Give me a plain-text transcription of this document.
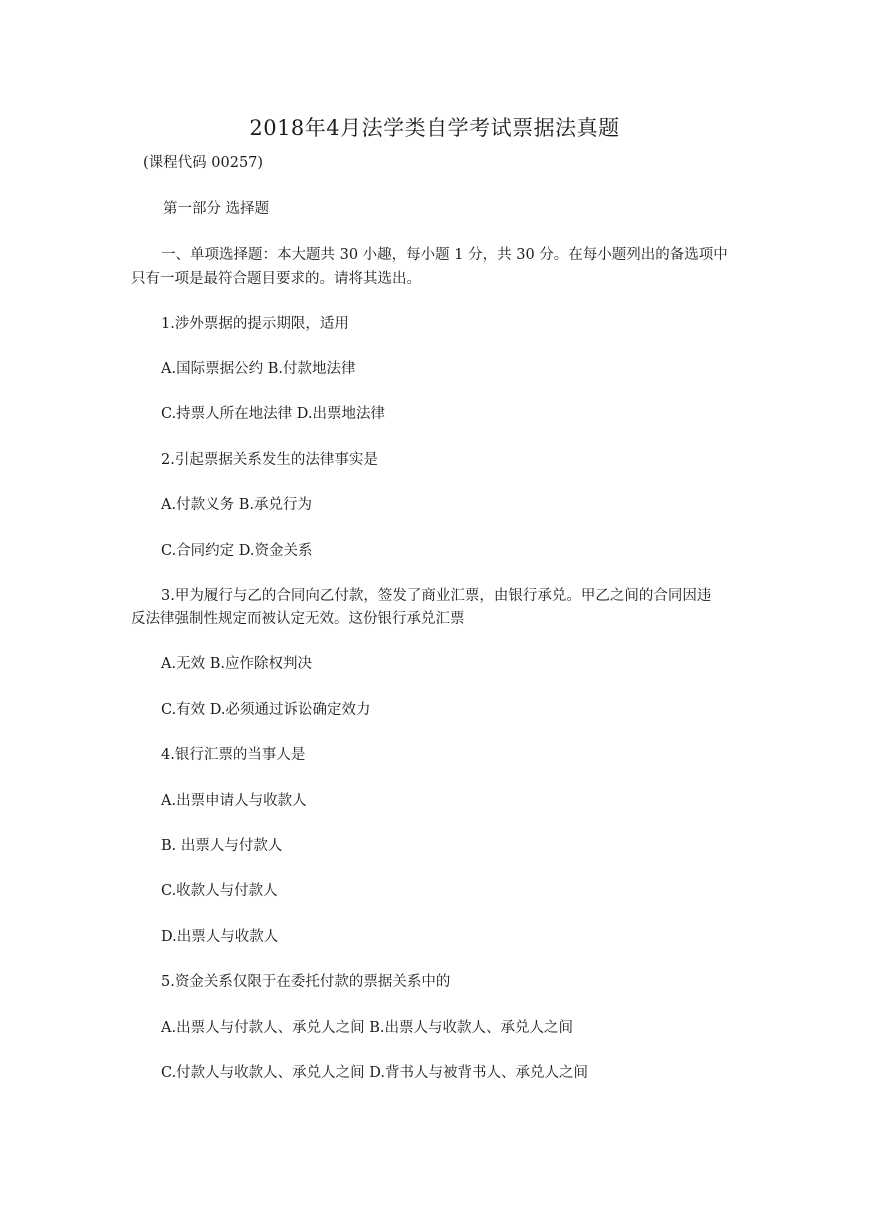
2018年4月法学类自学考试票据法真题
(课程代码 00257)
第一部分 选择题
一、单项选择题：本大题共 30 小趣，每小题 1 分，共 30 分。在每小题列出的备选项中
只有一项是最符合题目要求的。请将其选出。
1.涉外票据的提示期限，适用
A.国际票据公约 B.付款地法律
C.持票人所在地法律 D.出票地法律
2.引起票据关系发生的法律事实是
A.付款义务 B.承兑行为
C.合同约定 D.资金关系
3.甲为履行与乙的合同向乙付款，签发了商业汇票，由银行承兑。甲乙之间的合同因违
反法律强制性规定而被认定无效。这份银行承兑汇票
A.无效 B.应作除权判决
C.有效 D.必须通过诉讼确定效力
4.银行汇票的当事人是
A.出票申请人与收款人
B. 出票人与付款人
C.收款人与付款人
D.出票人与收款人
5.资金关系仅限于在委托付款的票据关系中的
A.出票人与付款人、承兑人之间 B.出票人与收款人、承兑人之间
C.付款人与收款人、承兑人之间 D.背书人与被背书人、承兑人之间
